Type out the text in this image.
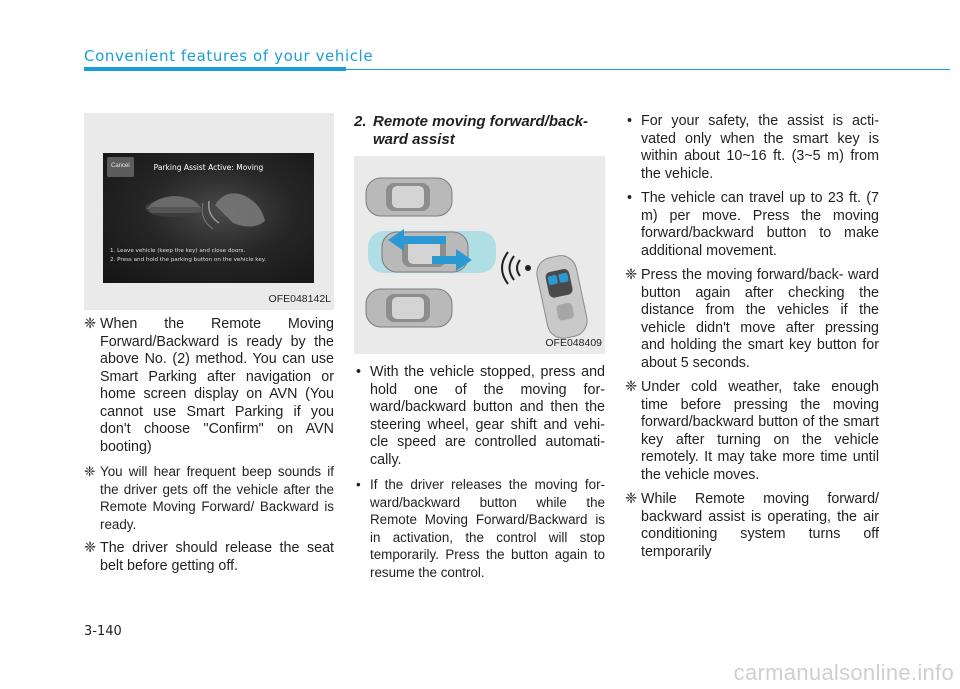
Convenient features of your vehicle
Cancel	Parking Assist Active: Moving
1. Leave vehicle (keep the key) and close doors.
2. Press and hold the parking button on the vehicle key.
OFE048142L

❈ When the Remote Moving Forward/Backward is ready by the above No. (2) method. You can use Smart Parking after navigation or home screen display on AVN (You cannot use Smart Parking if you don't choose "Confirm" on AVN booting)

❈ You will hear frequent beep sounds if the driver gets off the vehicle after the Remote Moving Forward/ Backward is ready.

❈ The driver should release the seat belt before getting off.

2. Remote moving forward/back- ward assist

OFE048409

• With the vehicle stopped, press and hold one of the moving for- ward/backward button and then the steering wheel, gear shift and vehi- cle speed are controlled automati- cally.

• If the driver releases the moving for- ward/backward button while the Remote Moving Forward/Backward is in activation, the control will stop temporarily. Press the button again to resume the control.

• For your safety, the assist is acti- vated only when the smart key is within about 10~16 ft. (3~5 m) from the vehicle.

• The vehicle can travel up to 23 ft. (7 m) per move. Press the moving forward/backward button to make additional movement.

❈ Press the moving forward/back- ward button again after checking the distance from the vehicles if the vehicle didn't move after pressing and holding the smart key button for about 5 seconds.

❈ Under cold weather, take enough time before pressing the moving forward/backward button of the smart key after turning on the vehicle remotely. It may take more time until the vehicle moves.

❈ While Remote moving forward/ backward assist is operating, the air conditioning system turns off temporarily

3-140
carmanualsonline.info
